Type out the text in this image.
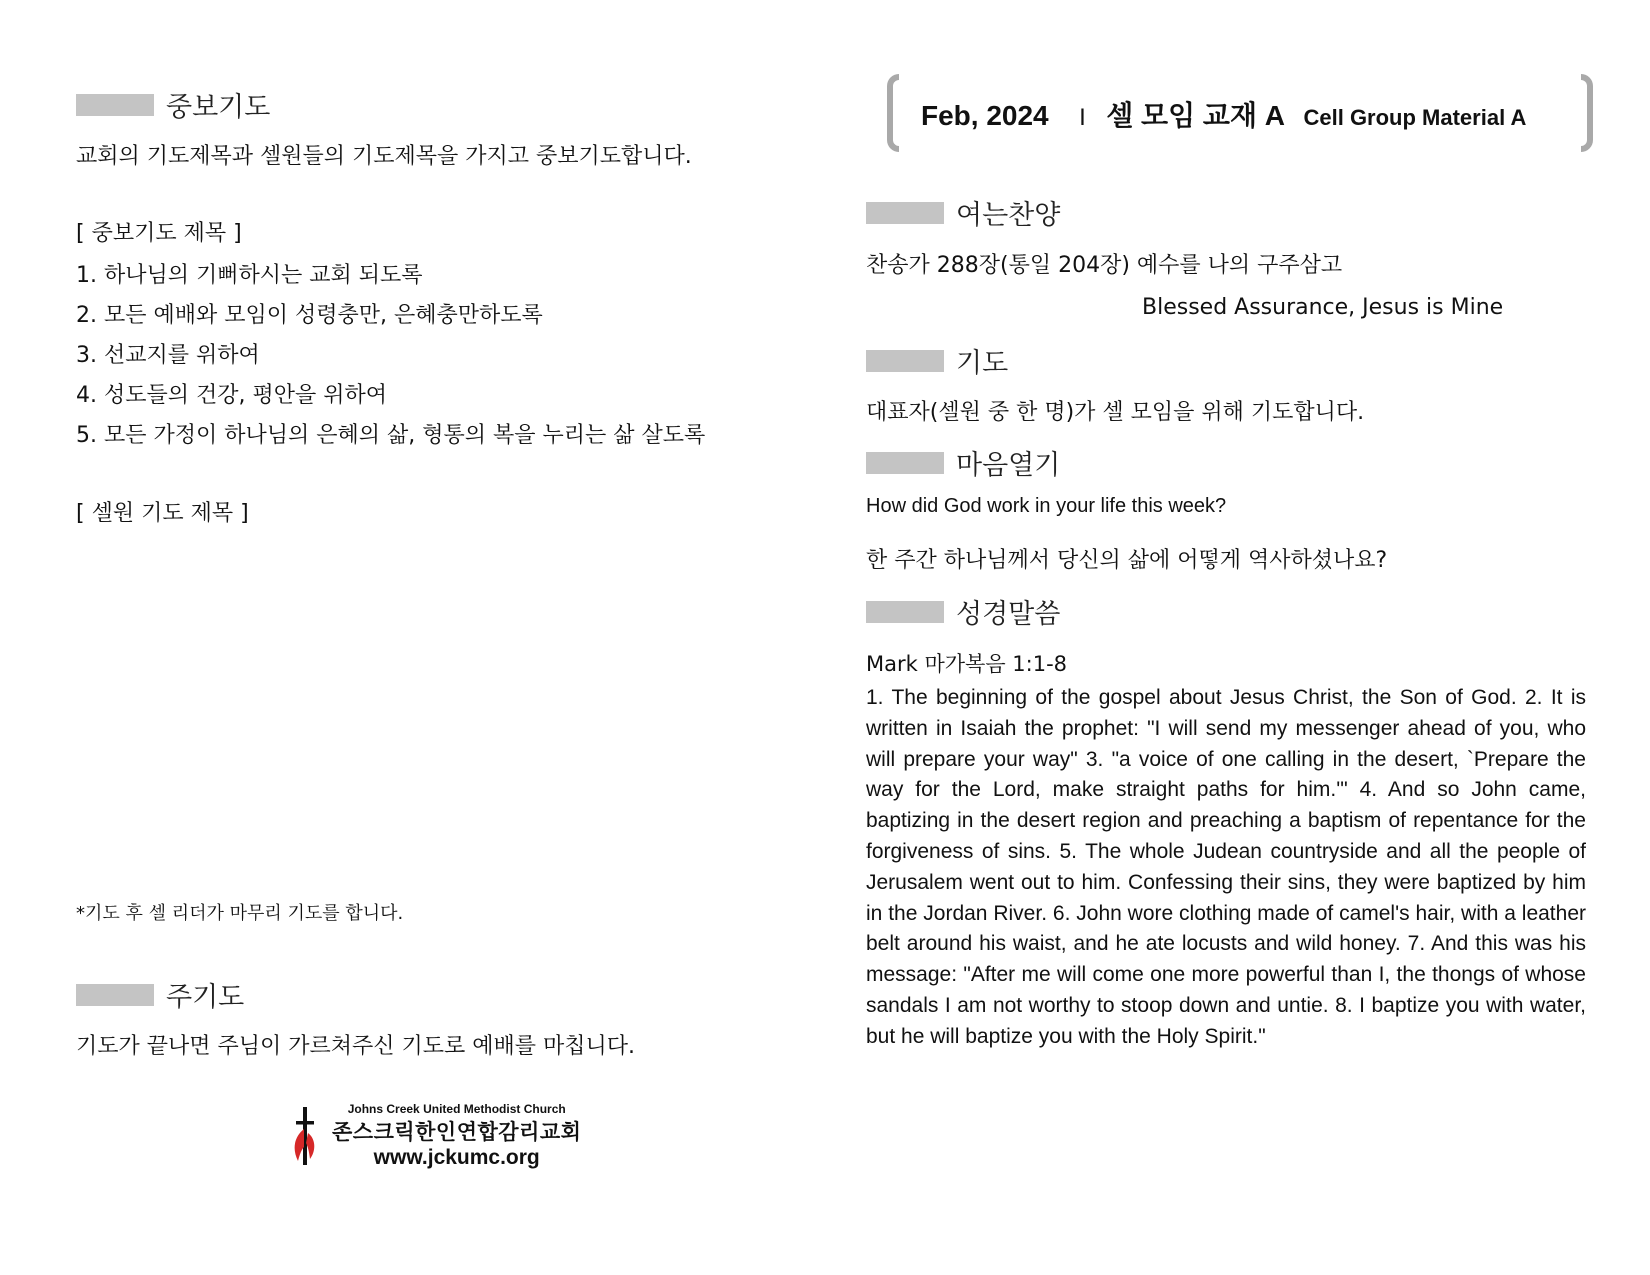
중보기도
교회의 기도제목과 셀원들의 기도제목을 가지고 중보기도합니다.
[ 중보기도 제목 ]
1. 하나님의 기뻐하시는 교회 되도록
2. 모든 예배와 모임이 성령충만, 은혜충만하도록
3. 선교지를 위하여
4. 성도들의 건강, 평안을 위하여
5. 모든 가정이 하나님의 은혜의 삶, 형통의 복을 누리는 삶 살도록
[ 셀원 기도 제목 ]
*기도 후 셀 리더가 마무리 기도를 합니다.
주기도
기도가 끝나면 주님이 가르쳐주신 기도로 예배를 마칩니다.
Johns Creek United Methodist Church
존스크릭한인연합감리교회
www.jckumc.org
Feb, 2024 I 셀 모임 교재 A Cell Group Material A
여는찬양
찬송가 288장(통일 204장) 예수를 나의 구주삼고
Blessed Assurance, Jesus is Mine
기도
대표자(셀원 중 한 명)가 셀 모임을 위해 기도합니다.
마음열기
How did God work in your life this week?
한 주간 하나님께서 당신의 삶에 어떻게 역사하셨나요?
성경말씀
Mark 마가복음 1:1-8
1. The beginning of the gospel about Jesus Christ, the Son of God. 2. It is written in Isaiah the prophet: "I will send my messenger ahead of you, who will prepare your way" 3. "a voice of one calling in the desert, `Prepare the way for the Lord, make straight paths for him.'" 4. And so John came, baptizing in the desert region and preaching a baptism of repentance for the forgiveness of sins. 5. The whole Judean countryside and all the people of Jerusalem went out to him. Confessing their sins, they were baptized by him in the Jordan River. 6. John wore clothing made of camel's hair, with a leather belt around his waist, and he ate locusts and wild honey. 7. And this was his message: "After me will come one more powerful than I, the thongs of whose sandals I am not worthy to stoop down and untie. 8. I baptize you with water, but he will baptize you with the Holy Spirit."
